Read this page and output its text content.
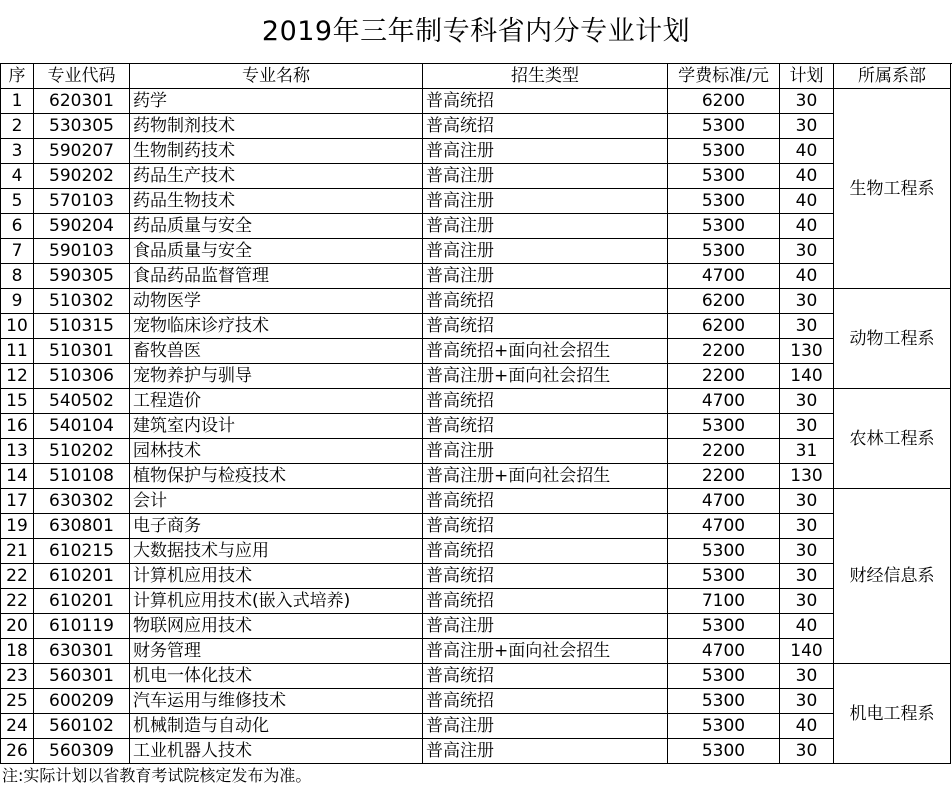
2019年三年制专科省内分专业计划
序	专业代码	专业名称	招生类型	学费标准/元	计划	所属系部
1	620301	药学	普高统招	6200	30	生物工程系
2	530305	药物制剂技术	普高统招	5300	30	
3	590207	生物制药技术	普高注册	5300	40	
4	590202	药品生产技术	普高注册	5300	40	
5	570103	药品生物技术	普高注册	5300	40	
6	590204	药品质量与安全	普高注册	5300	40	
7	590103	食品质量与安全	普高注册	5300	30	
8	590305	食品药品监督管理	普高注册	4700	40	
9	510302	动物医学	普高统招	6200	30	动物工程系
10	510315	宠物临床诊疗技术	普高统招	6200	30	
11	510301	畜牧兽医	普高统招+面向社会招生	2200	130	
12	510306	宠物养护与驯导	普高注册+面向社会招生	2200	140	
15	540502	工程造价	普高统招	4700	30	农林工程系
16	540104	建筑室内设计	普高统招	5300	30	
13	510202	园林技术	普高注册	2200	31	
14	510108	植物保护与检疫技术	普高注册+面向社会招生	2200	130	
17	630302	会计	普高统招	4700	30	财经信息系
19	630801	电子商务	普高统招	4700	30	
21	610215	大数据技术与应用	普高统招	5300	30	
22	610201	计算机应用技术	普高统招	5300	30	
22	610201	计算机应用技术(嵌入式培养)	普高统招	7100	30	
20	610119	物联网应用技术	普高注册	5300	40	
18	630301	财务管理	普高注册+面向社会招生	4700	140	
23	560301	机电一体化技术	普高统招	5300	30	机电工程系
25	600209	汽车运用与维修技术	普高统招	5300	30	
24	560102	机械制造与自动化	普高注册	5300	40	
26	560309	工业机器人技术	普高注册	5300	30	
注:实际计划以省教育考试院核定发布为准。
